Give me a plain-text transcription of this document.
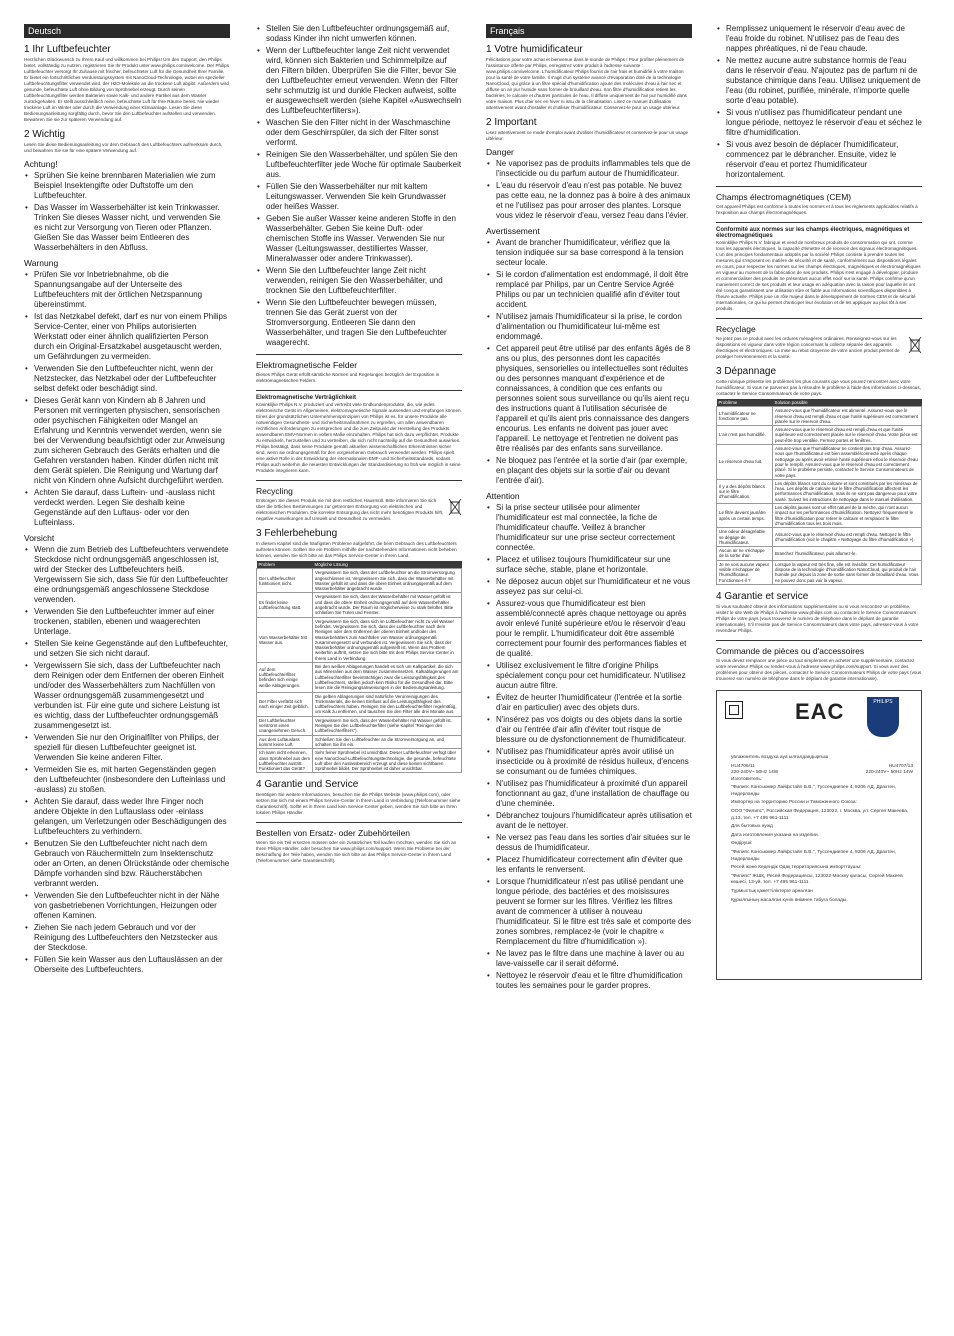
Deutsch
1 Ihr Luftbefeuchter

Herzlichen Glückwunsch zu Ihrem Kauf und willkommen bei Philips! Um den Support, den Philips bietet, vollständig zu nutzen, registrieren Sie Ihr Produkt unter www.philips.com/welcome. Der Philips Luftbefeuchter versorgt Ihr Zuhause mit frischer, befeuchteter Luft für die Gesundheit Ihrer Familie. Er bietet ein fortschrittliches Verdunstungssystem mit NanoCloud-Technologie, wobei ein spezieller Luftbefeuchtungsfilter verwendet wird, der H2O-Moleküle an die trockene Luft abgibt. Außerdem wird gesunde, befeuchtete Luft ohne Bildung von Sprühnebel erzeugt. Durch seinen Luftbefeuchtungsfilter werden Bakterien sowie Kalk- und andere Partikel aus dem Wasser zurückgehalten. Er stellt ausschließlich reine, befeuchtete Luft für Ihre Räume bereit. Nie wieder trockene Luft im Winter oder durch die Verwendung einer Klimaanlage. Lesen Sie diese Bedienungsanleitung sorgfältig durch, bevor Sie den Luftbefeuchter aufstellen und verwenden. Bewahren Sie sie zur späteren Verwendung auf.

2 Wichtig

Lesen Sie diese Bedienungsanleitung vor dem Gebrauch des Luftbefeuchters aufmerksam durch, und bewahren Sie sie für eine spätere Verwendung auf.

Achtung!
• Sprühen Sie keine brennbaren Materialien wie zum Beispiel Insektengifte oder Duftstoffe um den Luftbefeuchter.
• Das Wasser im Wasserbehälter ist kein Trinkwasser. Trinken Sie dieses Wasser nicht, und verwenden Sie es nicht zur Versorgung von Tieren oder Pflanzen. Gießen Sie das Wasser beim Entleeren des Wasserbehälters in den Abfluss.
Warnung
• Prüfen Sie vor Inbetriebnahme, ob die Spannungsangabe auf der Unterseite des Luftbefeuchters mit der örtlichen Netzspannung übereinstimmt.
• Ist das Netzkabel defekt, darf es nur von einem Philips Service-Center, einer von Philips autorisierten Werkstatt oder einer ähnlich qualifizierten Person durch ein Original-Ersatzkabel ausgetauscht werden, um Gefährdungen zu vermeiden.
• Verwenden Sie den Luftbefeuchter nicht, wenn der Netzstecker, das Netzkabel oder der Luftbefeuchter selbst defekt oder beschädigt sind.
• Dieses Gerät kann von Kindern ab 8 Jahren und Personen mit verringerten physischen, sensorischen oder psychischen Fähigkeiten oder Mangel an Erfahrung und Kenntnis verwendet werden, wenn sie bei der Verwendung beaufsichtigt oder zur Anweisung zum sicheren Gebrauch des Geräts erhalten und die Gefahren verstanden haben. Kinder dürfen nicht mit dem Gerät spielen. Die Reinigung und Wartung darf nicht von Kindern ohne Aufsicht durchgeführt werden.
• Achten Sie darauf, dass Luftein- und -auslass nicht verdeckt werden. Legen Sie deshalb keine Gegenstände auf den Luftaus- oder vor den Lufteinlass.
Vorsicht
• Wenn die zum Betrieb des Luftbefeuchters verwendete Steckdose nicht ordnungsgemäß angeschlossen ist, wird der Stecker des Luftbefeuchters heiß. Vergewissern Sie sich, dass Sie für den Luftbefeuchter eine ordnungsgemäß angeschlossene Steckdose verwenden.
• Verwenden Sie den Luftbefeuchter immer auf einer trockenen, stabilen, ebenen und waagerechten Unterlage.
• Stellen Sie keine Gegenstände auf den Luftbefeuchter, und setzen Sie sich nicht darauf.
• Vergewissern Sie sich, dass der Luftbefeuchter nach dem Reinigen oder dem Entfernen der oberen Einheit und/oder des Wasserbehälters zum Nachfüllen von Wasser ordnungsgemäß zusammengesetzt und verbunden ist. Für eine gute und sichere Leistung ist es wichtig, dass der Luftbefeuchter ordnungsgemäß zusammengesetzt ist.
• Verwenden Sie nur den Originalfilter von Philips, der speziell für diesen Luftbefeuchter geeignet ist. Verwenden Sie keine anderen Filter.
• Vermeiden Sie es, mit harten Gegenständen gegen den Luftbefeuchter (insbesondere den Lufteinlass und -auslass) zu stoßen.
• Achten Sie darauf, dass weder Ihre Finger noch andere Objekte in den Luftauslass oder -einlass gelangen, um Verletzungen oder Beschädigungen des Luftbefeuchters zu verhindern.
• Benutzen Sie den Luftbefeuchter nicht nach dem Gebrauch von Räuchermitteln zum Insektenschutz oder an Orten, an denen Ölrückstände oder chemische Dämpfe vorhanden sind bzw. Räucherstäbchen verbrannt werden.
• Verwenden Sie den Luftbefeuchter nicht in der Nähe von gasbetriebenen Vorrichtungen, Heizungen oder offenen Kaminen.
• Ziehen Sie nach jedem Gebrauch und vor der Reinigung des Luftbefeuchters den Netzstecker aus der Steckdose.
• Füllen Sie kein Wasser aus den Luftauslässen an der Oberseite des Luftbefeuchters.
• Stellen Sie den Luftbefeuchter ordnungsgemäß auf, sodass Kinder ihn nicht umwerfen können.
• Wenn der Luftbefeuchter lange Zeit nicht verwendet wird, können sich Bakterien und Schimmelpilze auf den Filtern bilden. Überprüfen Sie die Filter, bevor Sie den Luftbefeuchter erneut verwenden. Wenn der Filter sehr schmutzig ist und dunkle Flecken aufweist, sollte er ausgewechselt werden (siehe Kapitel «Auswechseln des Luftbefeuchterfilters»).
• Waschen Sie den Filter nicht in der Waschmaschine oder dem Geschirrspüler, da sich der Filter sonst verformt.
• Reinigen Sie den Wasserbehälter, und spülen Sie den Luftbefeuchterfilter jede Woche für optimale Sauberkeit aus.
• Füllen Sie den Wasserbehälter nur mit kaltem Leitungswasser. Verwenden Sie kein Grundwasser oder heißes Wasser.
• Geben Sie außer Wasser keine anderen Stoffe in den Wasserbehälter. Geben Sie keine Duft- oder chemischen Stoffe ins Wasser. Verwenden Sie nur Wasser (Leitungswasser, destilliertes Wasser, Mineralwasser oder andere Trinkwasser).
• Wenn Sie den Luftbefeuchter lange Zeit nicht verwenden, reinigen Sie den Wasserbehälter, und trocknen Sie den Luftbefeuchterfilter.
• Wenn Sie den Luftbefeuchter bewegen müssen, trennen Sie das Gerät zuerst von der Stromversorgung. Entleeren Sie dann den Wasserbehälter, und tragen Sie den Luftbefeuchter waagerecht.
Elektromagnetische Felder

Dieses Philips Gerät erfüllt sämtliche Normen und Regelungen bezüglich der Exposition in elektromagnetischen Feldern.

Elektromagnetische Verträglichkeit

Koninklijke Philips N.V. produziert und vertreibt viele Endkundenprodukte, die, wie jedes elektronische Gerät im Allgemeinen, elektromagnetische Signale aussenden und empfangen können. Eines der grundsätzlichen Unternehmensprinzipien von Philips ist es, für unsere Produkte alle notwendigen Gesundheits- und Sicherheitsmaßnahmen zu ergreifen, um allen anwendbaren rechtlichen Anforderungen zu entsprechen und die zum Zeitpunkt der Herstellung des Produkts anwendbaren EMV-Normen in vollem Maße einzuhalten. Philips hat sich dazu verpflichtet, Produkte zu entwickeln, herzustellen und zu vertreiben, die sich nicht nachteilig auf die Gesundheit auswirken. Philips bestätigt, dass seine Produkte gemäß aktuellen wissenschaftlichen Erkenntnissen sicher sind, wenn sie ordnungsgemäß für den vorgesehenen Gebrauch verwendet werden. Philips spielt eine aktive Rolle in der Entwicklung der internationalen EMF- und Sicherheitsstandards, sodass Philips auch weiterhin die neuesten Entwicklungen der Standardisierung so früh wie möglich in seine Produkte integrieren kann.

Recycling

Entsorgen Sie dieses Produkt nie mit dem restlichen Hausmüll. Bitte informieren Sie sich über die örtlichen Bestimmungen zur getrennten Entsorgung von elektrischen und elektronischen Produkten. Die korrekte Entsorgung des nicht mehr benötigten Produkts hilft, negative Auswirkungen auf Umwelt und Gesundheit zu vermeiden.

3 Fehlerbehebung

In diesem Kapitel sind die häufigsten Probleme aufgeführt, die beim Gebrauch des Luftbefeuchters auftreten können. Sollten Sie ein Problem mithilfe der nachstehenden Informationen nicht beheben können, wenden Sie sich bitte an das Philips Service-Center in Ihrem Land.

Problem	Mögliche Lösung
Der Luftbefeuchter funktioniert nicht.	Vergewissern Sie sich, dass der Luftbefeuchter an die Stromversorgung angeschlossen ist. Vergewissern Sie sich, dass der Wasserbehälter mit Wasser gefüllt ist und dass die obere Einheit ordnungsgemäß auf dem Wasserbehälter angebracht wurde.
Es findet keine Luftbefeuchtung statt.	Vergewissern Sie sich, dass der Wasserbehälter mit Wasser gefüllt ist und dass die obere Einheit ordnungsgemäß auf dem Wasserbehälter angebracht wurde. Der Raum ist möglicherweise zu stark belüftet. Bitte schließen Sie Türen und Fenster.
Vom Wasserbehälter tritt Wasser aus.	Vergewissern Sie sich, dass sich im Luftbefeuchter nicht zu viel Wasser befindet. Vergewissern Sie sich, dass der Luftbefeuchter nach dem Reinigen oder dem Entfernen der oberen Einheit und/oder des Wasserbehälters zum Nachfüllen von Wasser ordnungsgemäß zusammengesetzt und verbunden ist. Vergewissern Sie sich, dass der Wasserbehälter ordnungsgemäß aufgestellt ist. Wenn das Problem weiterhin auftritt, setzen Sie sich bitte mit dem Philips Service-Center in Ihrem Land in Verbindung.
Auf dem Luftbefeuchterfilter befinden sich einige weiße Ablagerungen.	Bei den weißen Ablagerungen handelt es sich um Kalkpartikel, die sich aus Mineralien aus dem Wasser zusammensetzen. Kalkablagerungen am Luftbefeuchterfilter beeinträchtigen zwar die Leistungsfähigkeit des Luftbefeuchters, stellen jedoch kein Risiko für die Gesundheit dar. Bitte lesen Sie die Reinigungsanweisungen in der Bedienungsanleitung.
Der Filter verfärbt sich nach einiger Zeit gelblich.	Die gelben Ablagerungen sind natürliche Verunreinigungen des Trinkmaterials, die keinen Einfluss auf die Leistungsfähigkeit des Luftbefeuchters haben. Reinigen Sie den Luftbefeuchterfilter regelmäßig, um Kalk zu entfernen, und tauschen Sie den Filter alle drei Monate aus.
Der Luftbefeuchter verströmt einen unangenehmen Geruch.	Vergewissern Sie sich, dass der Wasserbehälter mit Wasser gefüllt ist. Reinigen Sie den Luftbefeuchterfilter (siehe Kapitel "Reinigen des Luftbefeuchterfilters").
Aus dem Luftauslass kommt keine Luft.	Schließen Sie den Luftbefeuchter an die Stromversorgung an, und schalten Sie ihn ein.
Ich kann nicht erkennen, dass Sprühnebel aus dem Luftbefeuchter austritt. Funktioniert das Gerät?	Sehr feiner Sprühnebel ist unsichtbar. Dieser Luftbefeuchter verfügt über eine NanoCloud-Luftbefeuchtungstechnologie, die gesunde, befeuchtete Luft über den Auslassbereich erzeugt und diese keinen sichtbaren Sprühnebel bildet. Der Sprühnebel ist daher unsichtbar.
4 Garantie und Service

Benötigen Sie weitere Informationen, besuchen Sie die Philips Website (www.philips.com), oder setzen Sie sich mit einem Philips Service-Center in Ihrem Land in Verbindung (Telefonnummer siehe Garantieschrift). Sollte es in Ihrem Land kein Service-Center geben, wenden Sie sich bitte an Ihren lokalen Philips Händler.

Bestellen von Ersatz- oder Zubehörteilen

Wenn Sie ein Teil ersetzen müssen oder ein zusätzliches Teil kaufen möchten, wenden Sie sich an Ihren Philips Händler, oder besuchen Sie www.philips.com/support. Wenn Sie Probleme bei der Beschaffung der Teile haben, wenden Sie sich bitte an das Philips Service-Center in Ihrem Land (Telefonnummer siehe Garantieschrift).

Français
1 Votre humidificateur

Félicitations pour votre achat et bienvenue dans le monde de Philips ! Pour profiter pleinement de l'assistance offerte par Philips, enregistrez votre produit à l'adresse suivante : www.philips.com/welcome. L'humidificateur Philips fournit de l'air frais et humidifié à votre maison pour la santé de votre famille. Il s'agit d'un système avancé d'évaporation doté de la technologie NanoCloud, qui grâce à un filtre spécial d'humidification ajoute des molécules d'eau à l'air sec et diffuse un air pur humide sans former de brouillard d'eau. Son filtre d'humidification retient les bactéries, le calcaire et d'autres particules de l'eau. Il diffuse uniquement de l'air pur humidifié dans votre maison. Plus d'air sec en hiver ni issu de la climatisation. Lisez ce manuel d'utilisation attentivement avant d'installer et d'utiliser l'humidificateur. Conservez-le pour un usage ultérieur.

2 Important

Lisez attentivement ce mode d'emploi avant d'utiliser l'humidificateur et conservez-le pour un usage ultérieur.

Danger
• Ne vaporisez pas de produits inflammables tels que de l'insecticide ou du parfum autour de l'humidificateur.
• L'eau du réservoir d'eau n'est pas potable. Ne buvez pas cette eau, ne la donnez pas à boire à des animaux et ne l'utilisez pas pour arroser des plantes. Lorsque vous videz le réservoir d'eau, versez l'eau dans l'évier.
Avertissement
• Avant de brancher l'humidificateur, vérifiez que la tension indiquée sur sa base correspond à la tension secteur locale.
• Si le cordon d'alimentation est endommagé, il doit être remplacé par Philips, par un Centre Service Agréé Philips ou par un technicien qualifié afin d'éviter tout accident.
• N'utilisez jamais l'humidificateur si la prise, le cordon d'alimentation ou l'humidificateur lui-même est endommagé.
• Cet appareil peut être utilisé par des enfants âgés de 8 ans ou plus, des personnes dont les capacités physiques, sensorielles ou intellectuelles sont réduites ou des personnes manquant d'expérience et de connaissances, à condition que ces enfants ou personnes soient sous surveillance ou qu'ils aient reçu des instructions quant à l'utilisation sécurisée de l'appareil et qu'ils aient pris connaissance des dangers encourus. Les enfants ne doivent pas jouer avec l'appareil. Le nettoyage et l'entretien ne doivent pas être réalisés par des enfants sans surveillance.
• Ne bloquez pas l'entrée et la sortie d'air (par exemple, en plaçant des objets sur la sortie d'air ou devant l'entrée d'air).
Attention
• Si la prise secteur utilisée pour alimenter l'humidificateur est mal connectée, la fiche de l'humidificateur chauffe. Veillez à brancher l'humidificateur sur une prise secteur correctement connectée.
• Placez et utilisez toujours l'humidificateur sur une surface sèche, stable, plane et horizontale.
• Ne déposez aucun objet sur l'humidificateur et ne vous asseyez pas sur celui-ci.
• Assurez-vous que l'humidificateur est bien assemblé/connecté après chaque nettoyage ou après avoir enlevé l'unité supérieure et/ou le réservoir d'eau pour le remplir. L'humidificateur doit être assemblé correctement pour fournir des performances fiables et de qualité.
• Utilisez exclusivement le filtre d'origine Philips spécialement conçu pour cet humidificateur. N'utilisez aucun autre filtre.
• Évitez de heurter l'humidificateur (l'entrée et la sortie d'air en particulier) avec des objets durs.
• N'insérez pas vos doigts ou des objets dans la sortie d'air ou l'entrée d'air afin d'éviter tout risque de blessure ou de dysfonctionnement de l'humidificateur.
• N'utilisez pas l'humidificateur après avoir utilisé un insecticide ou à proximité de résidus huileux, d'encens se consumant ou de fumées chimiques.
• N'utilisez pas l'humidificateur à proximité d'un appareil fonctionnant au gaz, d'une installation de chauffage ou d'une cheminée.
• Débranchez toujours l'humidificateur après utilisation et avant de le nettoyer.
• Ne versez pas l'eau dans les sorties d'air situées sur le dessus de l'humidificateur.
• Placez l'humidificateur correctement afin d'éviter que les enfants le renversent.
• Lorsque l'humidificateur n'est pas utilisé pendant une longue période, des bactéries et des moisissures peuvent se former sur les filtres. Vérifiez les filtres avant de commencer à utiliser à nouveau l'humidificateur. Si le filtre est très sale et comporte des zones sombres, remplacez-le (voir le chapitre « Remplacement du filtre d'humidification »).
• Ne lavez pas le filtre dans une machine à laver ou au lave-vaisselle car il serait déformé.
• Nettoyez le réservoir d'eau et le filtre d'humidification toutes les semaines pour le garder propres.
• Remplissez uniquement le réservoir d'eau avec de l'eau froide du robinet. N'utilisez pas de l'eau des nappes phréatiques, ni de l'eau chaude.
• Ne mettez aucune autre substance hormis de l'eau dans le réservoir d'eau. N'ajoutez pas de parfum ni de substance chimique dans l'eau. Utilisez uniquement de l'eau (du robinet, purifiée, minérale, n'importe quelle sorte d'eau potable).
• Si vous n'utilisez pas l'humidificateur pendant une longue période, nettoyez le réservoir d'eau et séchez le filtre d'humidification.
• Si vous avez besoin de déplacer l'humidificateur, commencez par le débrancher. Ensuite, videz le réservoir d'eau et portez l'humidificateur horizontalement.
Champs électromagnétiques (CEM)

Cet appareil Philips est conforme à toutes les normes et à tous les règlements applicables relatifs à l'exposition aux champs électromagnétiques.

Conformité aux normes sur les champs électriques, magnétiques et électromagnétiques

Koninklijke Philips N.V. fabrique et vend de nombreux produits de consommation qui ont, comme tous les appareils électriques, la capacité d'émettre et de recevoir des signaux électromagnétiques. L'un des principes fondamentaux adoptés par la société Philips consiste à prendre toutes les mesures qui s'imposent en matière de sécurité et de santé, conformément aux dispositions légales en cours, pour respecter les normes sur les champs électriques, magnétiques et électromagnétiques en vigueur au moment de la fabrication de ses produits. Philips s'est engagé à développer, produire et commercialiser des produits ne présentant aucun effet nocif sur la santé. Philips confirme qu'un maniement correct de ses produits et leur usage en adéquation avec la raison pour laquelle ils ont été conçus garantissent une utilisation sûre et fiable aux informations scientifiques disponibles à l'heure actuelle. Philips joue un rôle majeur dans le développement de normes CEM et de sécurité internationales, ce qui lui permet d'anticiper leur évolution et de les appliquer au plus tôt à ses produits.

Recyclage

Ne jetez pas ce produit avec les ordures ménagères ordinaires. Renseignez-vous sur les dispositions en vigueur dans votre région concernant la collecte séparée des appareils électriques et électroniques. La mise au rebut citoyenne de votre ancien produit permet de protéger l'environnement et la santé.

3 Dépannage

Cette rubrique présente les problèmes les plus courants que vous pouvez rencontrer avec votre humidificateur. Si vous ne parvenez pas à résoudre le problème à l'aide des informations ci-dessous, contactez le Service Consommateurs de votre pays.

Problème	Solution possible
L'humidificateur ne fonctionne pas.	Assurez-vous que l'humidificateur est alimenté. Assurez-vous que le réservoir d'eau est rempli d'eau et que l'unité supérieure est correctement placée sur le réservoir d'eau.
L'air n'est pas humidifié.	Assurez-vous que le réservoir d'eau est rempli d'eau et que l'unité supérieure est correctement placée sur le réservoir d'eau. Votre pièce est peut-être trop ventilée. Fermez portes et fenêtres.
Le réservoir d'eau fuit.	Assurez-vous que l'humidificateur ne contient pas trop d'eau. Assurez-vous que l'humidificateur est bien assemblé/connecté après chaque nettoyage ou après avoir enlevé l'unité supérieure et/ou le réservoir d'eau pour le remplir. Assurez-vous que le réservoir d'eau est correctement placé. Si le problème persiste, contactez le Service Consommateurs de votre pays.
Il y a des dépôts blancs sur le filtre d'humidification.	Les dépôts blancs sont du calcaire et sont constitués par les minéraux de l'eau. Les dépôts de calcaire sur le filtre d'humidification affectent les performances d'humidification, mais ils ne sont pas dangereux pour votre santé. Suivez les instructions de nettoyage dans le manuel d'utilisation.
Le filtre devient jaunâtre après un certain temps.	Les dépôts jaunes sont un effet naturel de la mèche, qui n'ont aucun impact sur les performances d'humidification. Nettoyez fréquemment le filtre d'humidification pour retirer le calcaire et remplacez le filtre d'humidification tous les trois mois.
Une odeur désagréable se dégage de l'humidificateur.	Assurez-vous que le réservoir d'eau est rempli d'eau. Nettoyez le filtre d'humidification (voir le chapitre « Nettoyage du filtre d'humidification »).
Aucun air ne s'échappe de la sortie d'air.	Branchez l'humidificateur, puis allumez-le.
Je ne vois aucune vapeur visible s'échapper de l'humidificateur. Fonctionne-t-il ?	Lorsque la vapeur est très fine, elle est invisible. Cet humidificateur dispose de la technologie d'humidification NanoCloud, qui produit de l'air humide pur depuis la zone de sortie sans former de brouillard d'eau. Vous ne pouvez donc pas voir la vapeur.
4 Garantie et service

Si vous souhaitez obtenir des informations supplémentaires ou si vous rencontrez un problème, visitez le site Web de Philips à l'adresse www.philips.com ou contactez le Service Consommateurs Philips de votre pays (vous trouverez le numéro de téléphone dans le dépliant de garantie internationale). S'il n'existe pas de Service Consommateurs dans votre pays, adressez-vous à votre revendeur Philips.

Commande de pièces ou d'accessoires

Si vous devez remplacer une pièce ou tout simplement en acheter une supplémentaire, contactez votre revendeur Philips ou rendez-vous à l'adresse www.philips.com/support. Si vous avez des problèmes pour obtenir des pièces, contactez le Service Consommateurs Philips de votre pays (vous trouverez son numéro de téléphone dans le dépliant de garantie internationale).

EAC	PHILIPS

увлажнитель воздуха ауа ылғалдандырғыш

HU4706/11	HU4707/13
220-240V~ 50Hz 14W	220-240V~ 50Hz 14W

Изготовитель:

"Филипс Консьюмер Лайфстайл Б.В.", Туссендиепен 4, 9206 АД, Драхтен, Нидерланды

Импортер на территорию России и Таможенного Союза:

ООО "Филипс", Российская Федерация, 123022, г. Москва, ул. Сергея Макеева, д.13, тел. +7 495 961-1111

Для бытовых нужд

Дата изготовления указана на изделии.

Өндіруші:

"Филипс Консьюмер Лайфстайл Б.В.", Туссендиепен 4, 9206 АД, Драхтен, Нидерланды

Ресей және Кедендік Одақ территориясына импорттаушы:

"Филипс" ЖШҚ, Ресей Федерациясы, 123022 Мәскеу қаласы, Сергей Макеев көшесі, 13-үй, тел. +7 495 961-1111

Тұрмыстық қажеттіліктерге арналған

Құрылғының жасалған күнін өнімнен табуға болады.
